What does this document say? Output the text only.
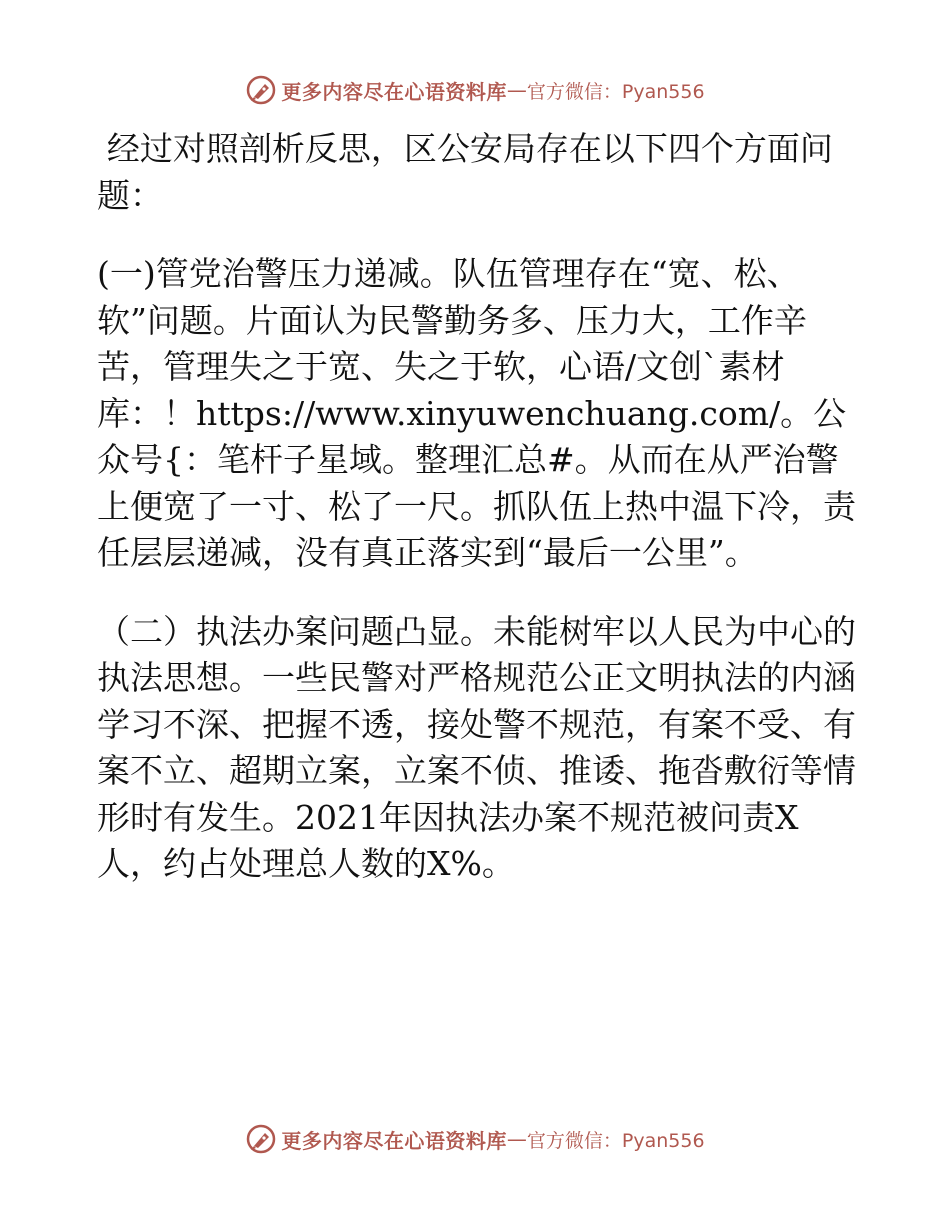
更多内容尽在心语资料库 — 官方微信：Pyan556

经过对照剖析反思，区公安局存在以下四个方面问题：

(一)管党治警压力递减。队伍管理存在“宽、松、软”问题。片面认为民警勤务多、压力大，工作辛苦，管理失之于宽、失之于软，心语/文创`素材库：！https://www.xinyuwenchuang.com/。公众号{：笔杆子星域。整理汇总#。从而在从严治警上便宽了一寸、松了一尺。抓队伍上热中温下冷，责任层层递减，没有真正落实到“最后一公里”。

（二）执法办案问题凸显。未能树牢以人民为中心的执法思想。一些民警对严格规范公正文明执法的内涵学习不深、把握不透，接处警不规范，有案不受、有案不立、超期立案，立案不侦、推诿、拖沓敷衍等情形时有发生。2021年因执法办案不规范被问责X人，约占处理总人数的X%。

更多内容尽在心语资料库 — 官方微信：Pyan556
